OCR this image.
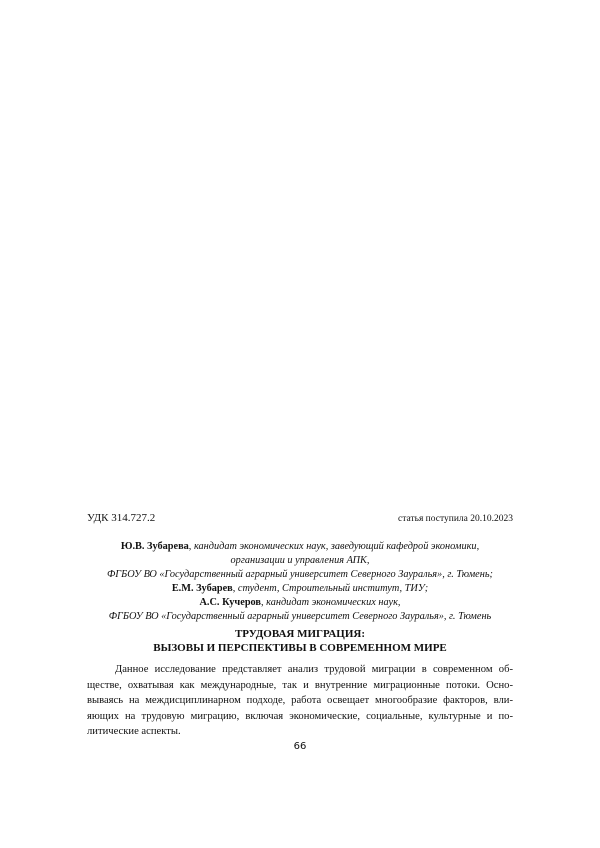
УДК 314.727.2	статья поступила 20.10.2023
Ю.В. Зубарева, кандидат экономических наук, заведующий кафедрой экономики,
организации и управления АПК,
ФГБОУ ВО «Государственный аграрный университет Северного Зауралья», г. Тюмень;
Е.М. Зубарев, студент, Строительный институт, ТИУ;
А.С. Кучеров, кандидат экономических наук,
ФГБОУ ВО «Государственный аграрный университет Северного Зауралья», г. Тюмень
ТРУДОВАЯ МИГРАЦИЯ:
ВЫЗОВЫ И ПЕРСПЕКТИВЫ В СОВРЕМЕННОМ МИРЕ
Данное исследование представляет анализ трудовой миграции в современном об-
ществе, охватывая как международные, так и внутренние миграционные потоки. Осно-
вываясь на междисциплинарном подходе, работа освещает многообразие факторов, вли-
яющих на трудовую миграцию, включая экономические, социальные, культурные и по-
литические аспекты.
66
